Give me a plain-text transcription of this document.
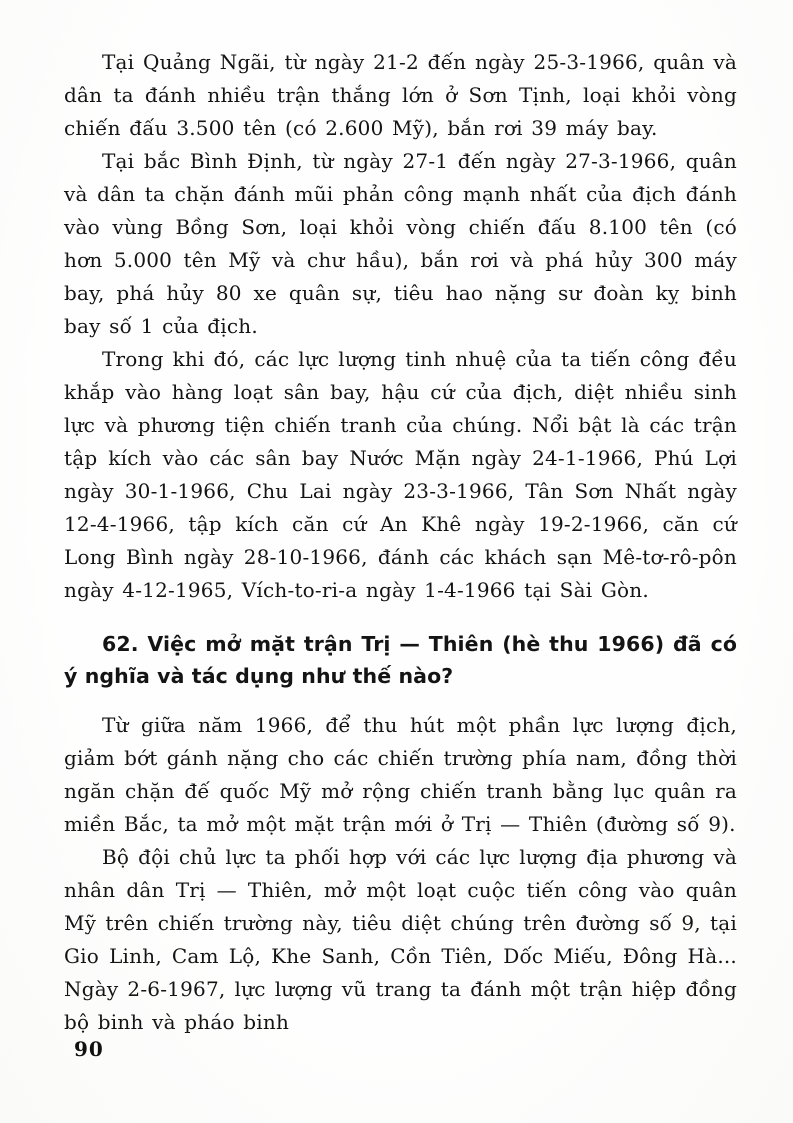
Tại Quảng Ngãi, từ ngày 21-2 đến ngày 25-3-1966, quân và dân ta đánh nhiều trận thắng lớn ở Sơn Tịnh, loại khỏi vòng chiến đấu 3.500 tên (có 2.600 Mỹ), bắn rơi 39 máy bay.

Tại bắc Bình Định, từ ngày 27-1 đến ngày 27-3-1966, quân và dân ta chặn đánh mũi phản công mạnh nhất của địch đánh vào vùng Bồng Sơn, loại khỏi vòng chiến đấu 8.100 tên (có hơn 5.000 tên Mỹ và chư hầu), bắn rơi và phá hủy 300 máy bay, phá hủy 80 xe quân sự, tiêu hao nặng sư đoàn kỵ binh bay số 1 của địch.

Trong khi đó, các lực lượng tinh nhuệ của ta tiến công đều khắp vào hàng loạt sân bay, hậu cứ của địch, diệt nhiều sinh lực và phương tiện chiến tranh của chúng. Nổi bật là các trận tập kích vào các sân bay Nước Mặn ngày 24-1-1966, Phú Lợi ngày 30-1-1966, Chu Lai ngày 23-3-1966, Tân Sơn Nhất ngày 12-4-1966, tập kích căn cứ An Khê ngày 19-2-1966, căn cứ Long Bình ngày 28-10-1966, đánh các khách sạn Mê-tơ-rô-pôn ngày 4-12-1965, Vích-to-ri-a ngày 1-4-1966 tại Sài Gòn.

62. Việc mở mặt trận Trị — Thiên (hè thu 1966) đã có ý nghĩa và tác dụng như thế nào?

Từ giữa năm 1966, để thu hút một phần lực lượng địch, giảm bớt gánh nặng cho các chiến trường phía nam, đồng thời ngăn chặn đế quốc Mỹ mở rộng chiến tranh bằng lục quân ra miền Bắc, ta mở một mặt trận mới ở Trị — Thiên (đường số 9).

Bộ đội chủ lực ta phối hợp với các lực lượng địa phương và nhân dân Trị — Thiên, mở một loạt cuộc tiến công vào quân Mỹ trên chiến trường này, tiêu diệt chúng trên đường số 9, tại Gio Linh, Cam Lộ, Khe Sanh, Cồn Tiên, Dốc Miếu, Đông Hà... Ngày 2-6-1967, lực lượng vũ trang ta đánh một trận hiệp đồng bộ binh và pháo binh

90
